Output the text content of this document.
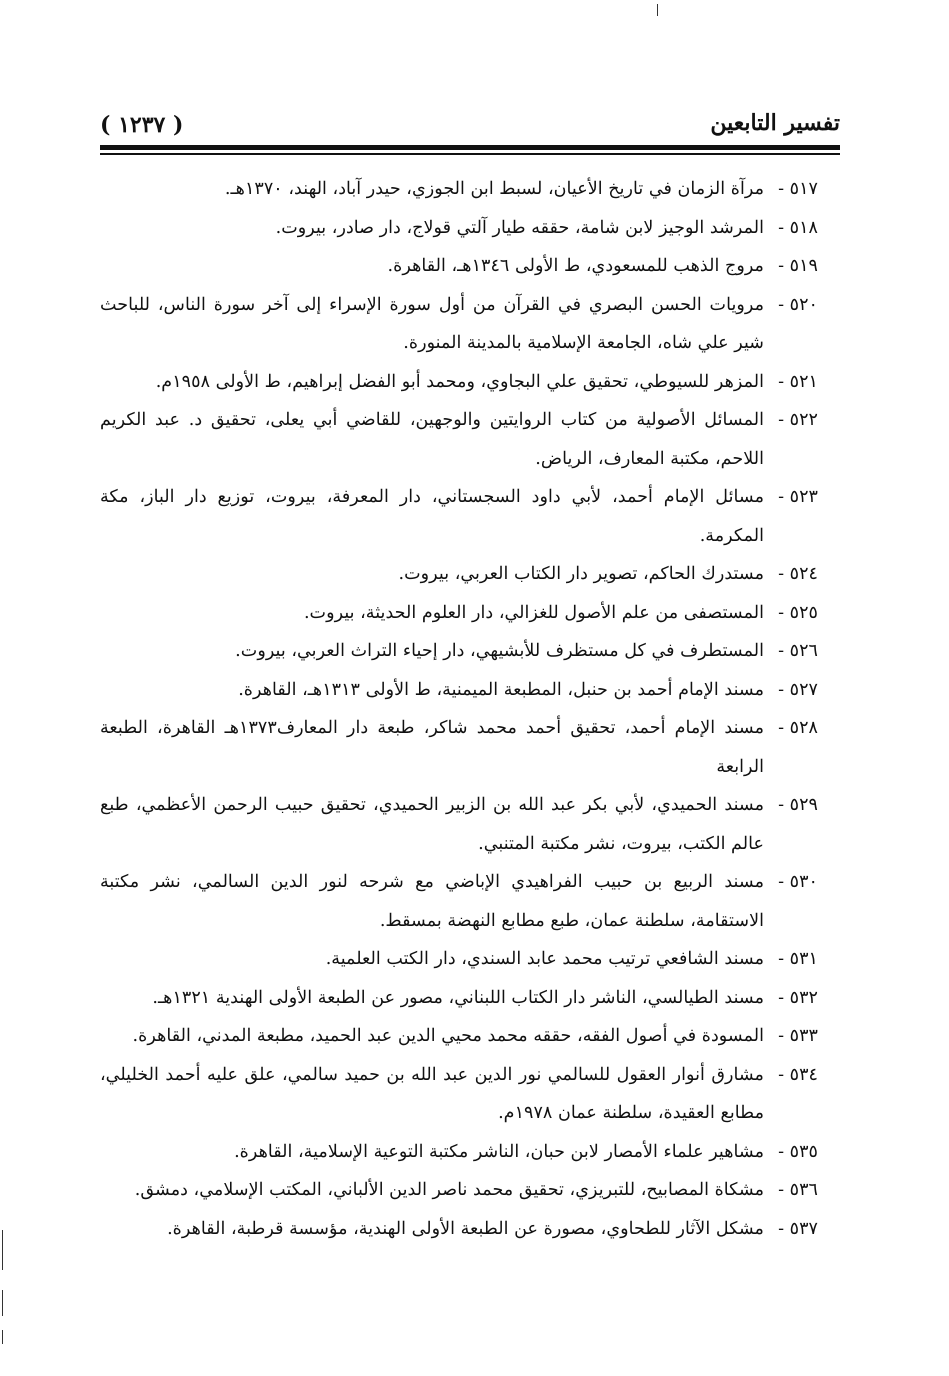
تفسير التابعين
( ١٢٣٧ )

٥١٧ -مرآة الزمان في تاريخ الأعيان، لسبط ابن الجوزي، حيدر آباد، الهند، ١٣٧٠هـ.

٥١٨ -المرشد الوجيز لابن شامة، حققه طيار آلتي قولاج، دار صادر، بيروت.

٥١٩ -مروج الذهب للمسعودي، ط الأولى ١٣٤٦هـ، القاهرة.

٥٢٠ -مرويات الحسن البصري في القرآن من أول سورة الإسراء إلى آخر سورة الناس، للباحث شير علي شاه، الجامعة الإسلامية بالمدينة المنورة.

٥٢١ -المزهر للسيوطي، تحقيق علي البجاوي، ومحمد أبو الفضل إبراهيم، ط الأولى ١٩٥٨م.

٥٢٢ -المسائل الأصولية من كتاب الروايتين والوجهين، للقاضي أبي يعلى، تحقيق د. عبد الكريم اللاحم، مكتبة المعارف، الرياض.

٥٢٣ -مسائل الإمام أحمد، لأبي داود السجستاني، دار المعرفة، بيروت، توزيع دار الباز، مكة المكرمة.

٥٢٤ -مستدرك الحاكم، تصوير دار الكتاب العربي، بيروت.

٥٢٥ -المستصفى من علم الأصول للغزالي، دار العلوم الحديثة، بيروت.

٥٢٦ -المستطرف في كل مستظرف للأبشيهي، دار إحياء التراث العربي، بيروت.

٥٢٧ -مسند الإمام أحمد بن حنبل، المطبعة الميمنية، ط الأولى ١٣١٣هـ، القاهرة.

٥٢٨ -مسند الإمام أحمد، تحقيق أحمد محمد شاكر، طبعة دار المعارف١٣٧٣هـ القاهرة، الطبعة الرابعة

٥٢٩ -مسند الحميدي، لأبي بكر عبد الله بن الزبير الحميدي، تحقيق حبيب الرحمن الأعظمي، طبع عالم الكتب، بيروت، نشر مكتبة المتنبي.

٥٣٠ -مسند الربيع بن حبيب الفراهيدي الإباضي مع شرحه لنور الدين السالمي، نشر مكتبة الاستقامة، سلطنة عمان، طبع مطابع النهضة بمسقط.

٥٣١ -مسند الشافعي ترتيب محمد عابد السندي، دار الكتب العلمية.

٥٣٢ -مسند الطيالسي، الناشر دار الكتاب اللبناني، مصور عن الطبعة الأولى الهندية ١٣٢١هـ.

٥٣٣ -المسودة في أصول الفقه، حققه محمد محيي الدين عبد الحميد، مطبعة المدني، القاهرة.

٥٣٤ -مشارق أنوار العقول للسالمي نور الدين عبد الله بن حميد سالمي، علق عليه أحمد الخليلي، مطابع العقيدة، سلطنة عمان ١٩٧٨م.

٥٣٥ -مشاهير علماء الأمصار لابن حبان، الناشر مكتبة التوعية الإسلامية، القاهرة.

٥٣٦ -مشكاة المصابيح، للتبريزي، تحقيق محمد ناصر الدين الألباني، المكتب الإسلامي، دمشق.

٥٣٧ -مشكل الآثار للطحاوي، مصورة عن الطبعة الأولى الهندية، مؤسسة قرطبة، القاهرة.
